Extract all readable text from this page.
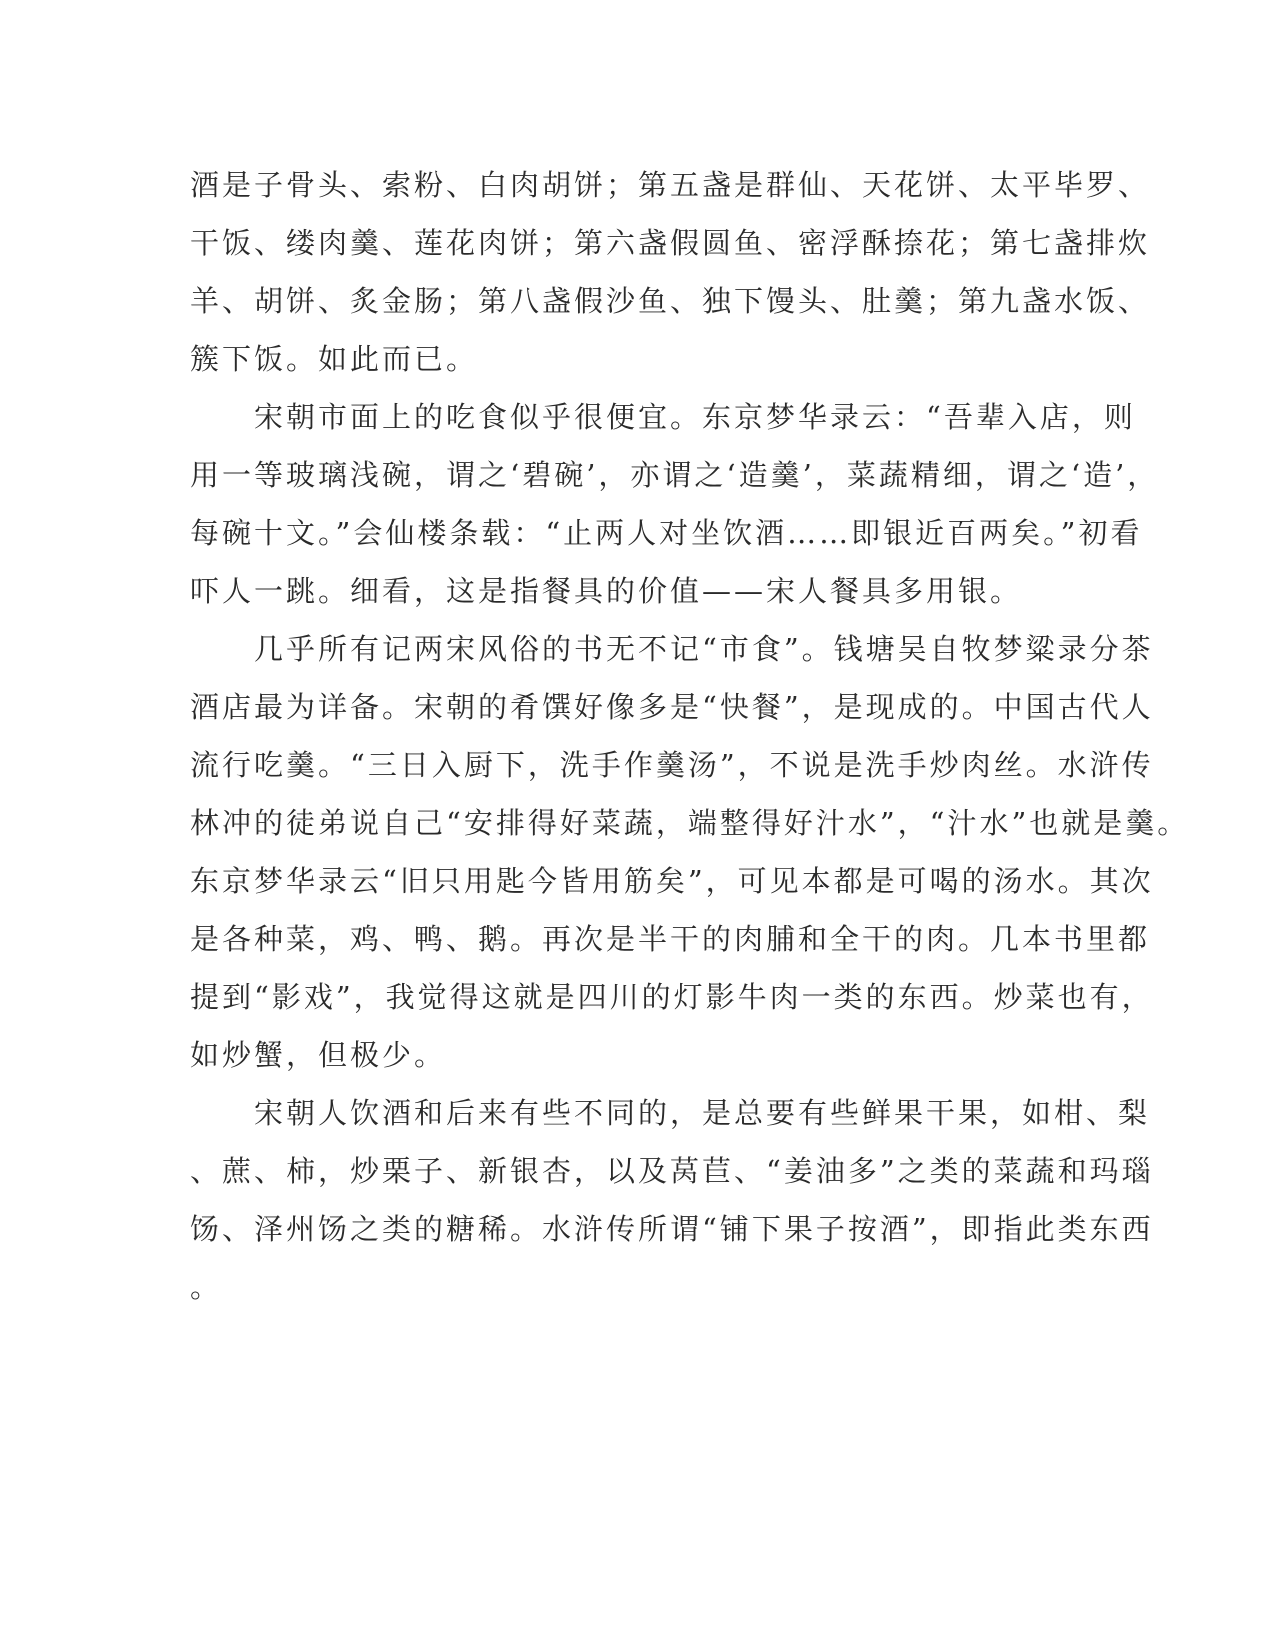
酒是子骨头、索粉、白肉胡饼；第五盏是群仙、天花饼、太平毕罗、
干饭、缕肉羹、莲花肉饼；第六盏假圆鱼、密浮酥捺花；第七盏排炊
羊、胡饼、炙金肠；第八盏假沙鱼、独下馒头、肚羹；第九盏水饭、
簇下饭。如此而已。
宋朝市面上的吃食似乎很便宜。东京梦华录云：“吾辈入店，则
用一等玻璃浅碗，谓之‘碧碗’，亦谓之‘造羹’，菜蔬精细，谓之‘造’，
每碗十文。”会仙楼条载：“止两人对坐饮酒……即银近百两矣。”初看
吓人一跳。细看，这是指餐具的价值——宋人餐具多用银。
几乎所有记两宋风俗的书无不记“市食”。钱塘吴自牧梦粱录分茶
酒店最为详备。宋朝的肴馔好像多是“快餐”，是现成的。中国古代人
流行吃羹。“三日入厨下，洗手作羹汤”，不说是洗手炒肉丝。水浒传
林冲的徒弟说自己“安排得好菜蔬，端整得好汁水”，“汁水”也就是羹。
东京梦华录云“旧只用匙今皆用筋矣”，可见本都是可喝的汤水。其次
是各种菜，鸡、鸭、鹅。再次是半干的肉脯和全干的肉。几本书里都
提到“影戏”，我觉得这就是四川的灯影牛肉一类的东西。炒菜也有，
如炒蟹，但极少。
宋朝人饮酒和后来有些不同的，是总要有些鲜果干果，如柑、梨
、蔗、柿，炒栗子、新银杏，以及莴苣、“姜油多”之类的菜蔬和玛瑙
饧、泽州饧之类的糖稀。水浒传所谓“铺下果子按酒”，即指此类东西
。
